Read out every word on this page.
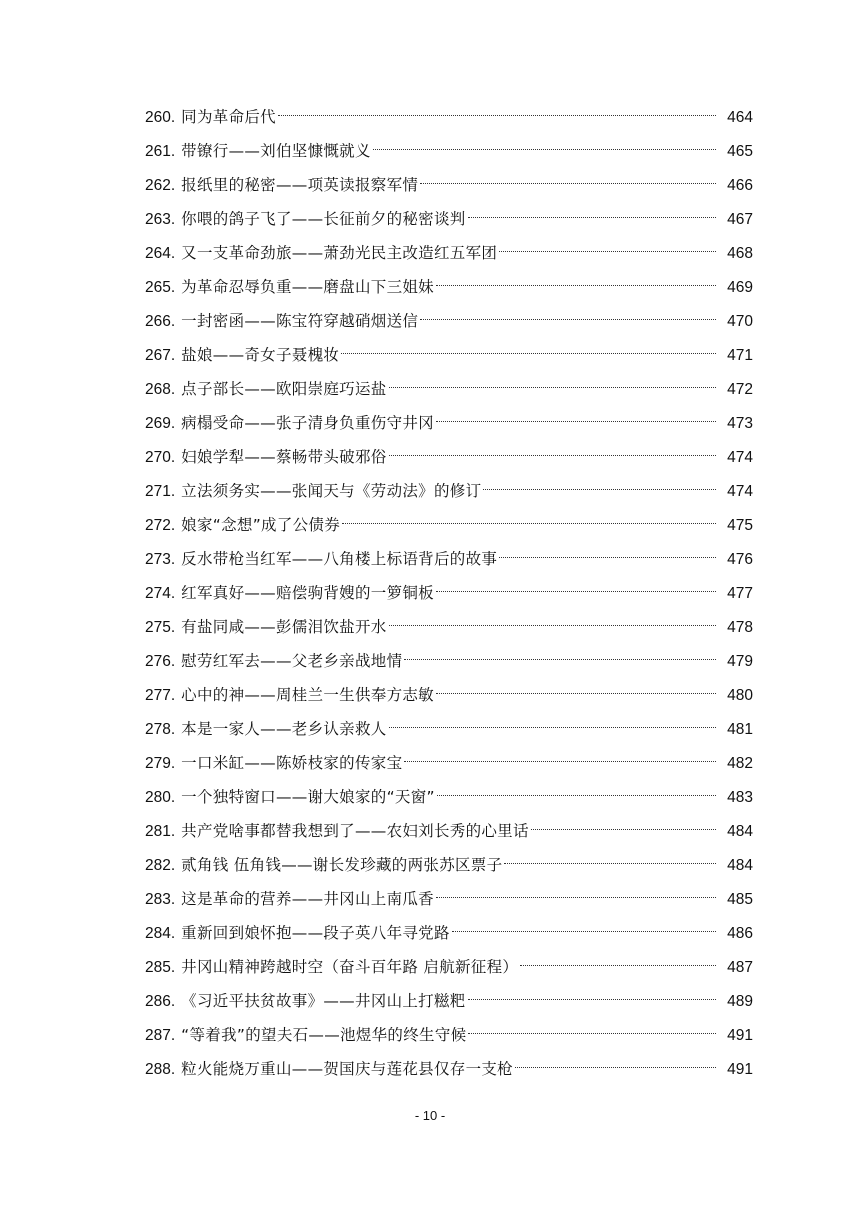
260. 同为革命后代	464
261. 带镣行——刘伯坚慷慨就义	465
262. 报纸里的秘密——项英读报察军情	466
263. 你喂的鸽子飞了——长征前夕的秘密谈判	467
264. 又一支革命劲旅——萧劲光民主改造红五军团	468
265. 为革命忍辱负重——磨盘山下三姐妹	469
266. 一封密函——陈宝符穿越硝烟送信	470
267. 盐娘——奇女子聂槐妆	471
268. 点子部长——欧阳崇庭巧运盐	472
269. 病榻受命——张子清身负重伤守井冈	473
270. 妇娘学犁——蔡畅带头破邪俗	474
271. 立法须务实——张闻天与《劳动法》的修订	474
272. 娘家“念想”成了公债券	475
273. 反水带枪当红军——八角楼上标语背后的故事	476
274. 红军真好——赔偿驹背嫂的一箩铜板	477
275. 有盐同咸——彭儒泪饮盐开水	478
276. 慰劳红军去——父老乡亲战地情	479
277. 心中的神——周桂兰一生供奉方志敏	480
278. 本是一家人——老乡认亲救人	481
279. 一口米缸——陈娇枝家的传家宝	482
280. 一个独特窗口——谢大娘家的“天窗”	483
281. 共产党啥事都替我想到了——农妇刘长秀的心里话	484
282. 贰角钱 伍角钱——谢长发珍藏的两张苏区票子	484
283. 这是革命的营养——井冈山上南瓜香	485
284. 重新回到娘怀抱——段子英八年寻党路	486
285. 井冈山精神跨越时空（奋斗百年路 启航新征程）	487
286. 《习近平扶贫故事》——井冈山上打糍粑	489
287. “等着我”的望夫石——池煜华的终生守候	491
288. 粒火能烧万重山——贺国庆与莲花县仅存一支枪	491
- 10 -
